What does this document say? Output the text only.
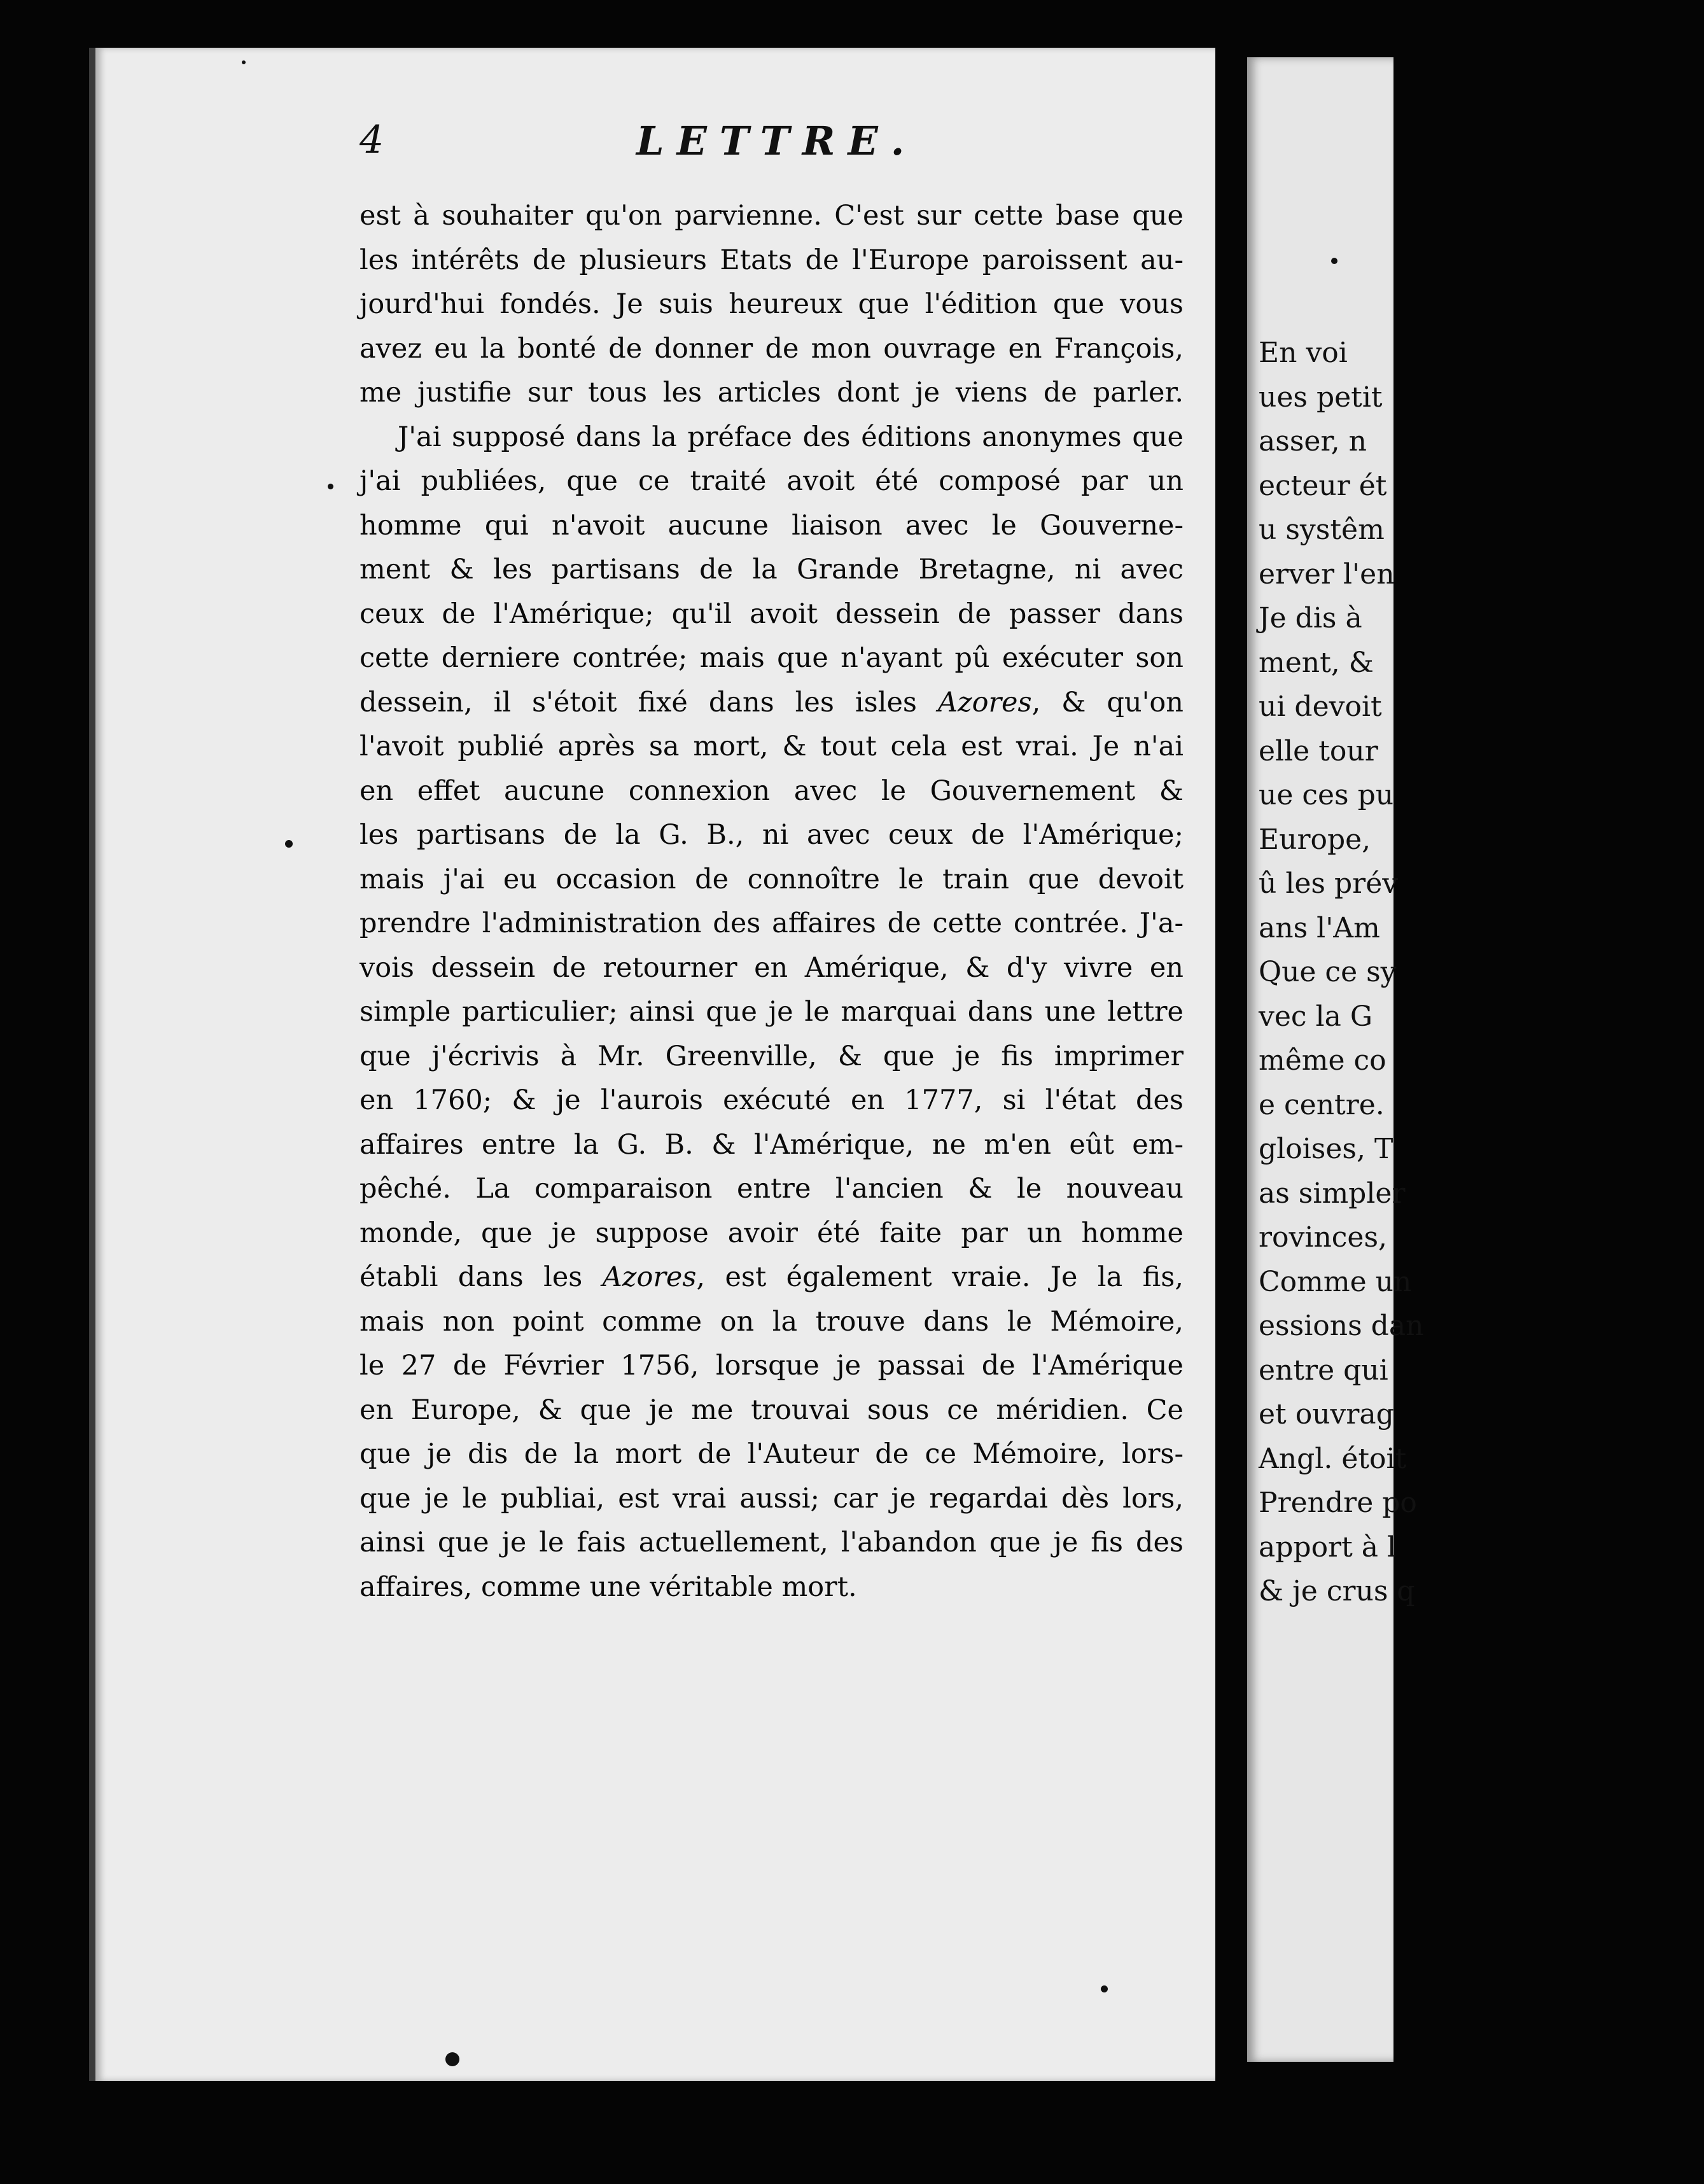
En voi
ues petit
asser, n
ecteur ét
u systêm
erver l'en
Je dis à
ment, &
ui devoit
elle tour
ue ces pu
Europe,
û les prév
ans l'Am
Que ce sy
vec la G
même co
e centre.
gloises, T
as simpler
rovinces,
Comme un
essions dan
entre qui
et ouvrag
Angl. étoit
Prendre po
apport à l
& je crus q
4	LETTRE.
est à souhaiter qu'on parvienne. C'est sur cette base que
les intérêts de plusieurs Etats de l'Europe paroissent au-
jourd'hui fondés. Je suis heureux que l'édition que vous
avez eu la bonté de donner de mon ouvrage en François,
me justifie sur tous les articles dont je viens de parler.
J'ai supposé dans la préface des éditions anonymes que
j'ai publiées, que ce traité avoit été composé par un
homme qui n'avoit aucune liaison avec le Gouverne-
ment & les partisans de la Grande Bretagne, ni avec
ceux de l'Amérique; qu'il avoit dessein de passer dans
cette derniere contrée; mais que n'ayant pû exécuter son
dessein, il s'étoit fixé dans les isles Azores, & qu'on
l'avoit publié après sa mort, & tout cela est vrai. Je n'ai
en effet aucune connexion avec le Gouvernement &
les partisans de la G. B., ni avec ceux de l'Amérique;
mais j'ai eu occasion de connoître le train que devoit
prendre l'administration des affaires de cette contrée. J'a-
vois dessein de retourner en Amérique, & d'y vivre en
simple particulier; ainsi que je le marquai dans une lettre
que j'écrivis à Mr. Greenville, & que je fis imprimer
en 1760; & je l'aurois exécuté en 1777, si l'état des
affaires entre la G. B. & l'Amérique, ne m'en eût em-
pêché. La comparaison entre l'ancien & le nouveau
monde, que je suppose avoir été faite par un homme
établi dans les Azores, est également vraie. Je la fis,
mais non point comme on la trouve dans le Mémoire,
le 27 de Février 1756, lorsque je passai de l'Amérique
en Europe, & que je me trouvai sous ce méridien. Ce
que je dis de la mort de l'Auteur de ce Mémoire, lors-
que je le publiai, est vrai aussi; car je regardai dès lors,
ainsi que je le fais actuellement, l'abandon que je fis des
affaires, comme une véritable mort.
